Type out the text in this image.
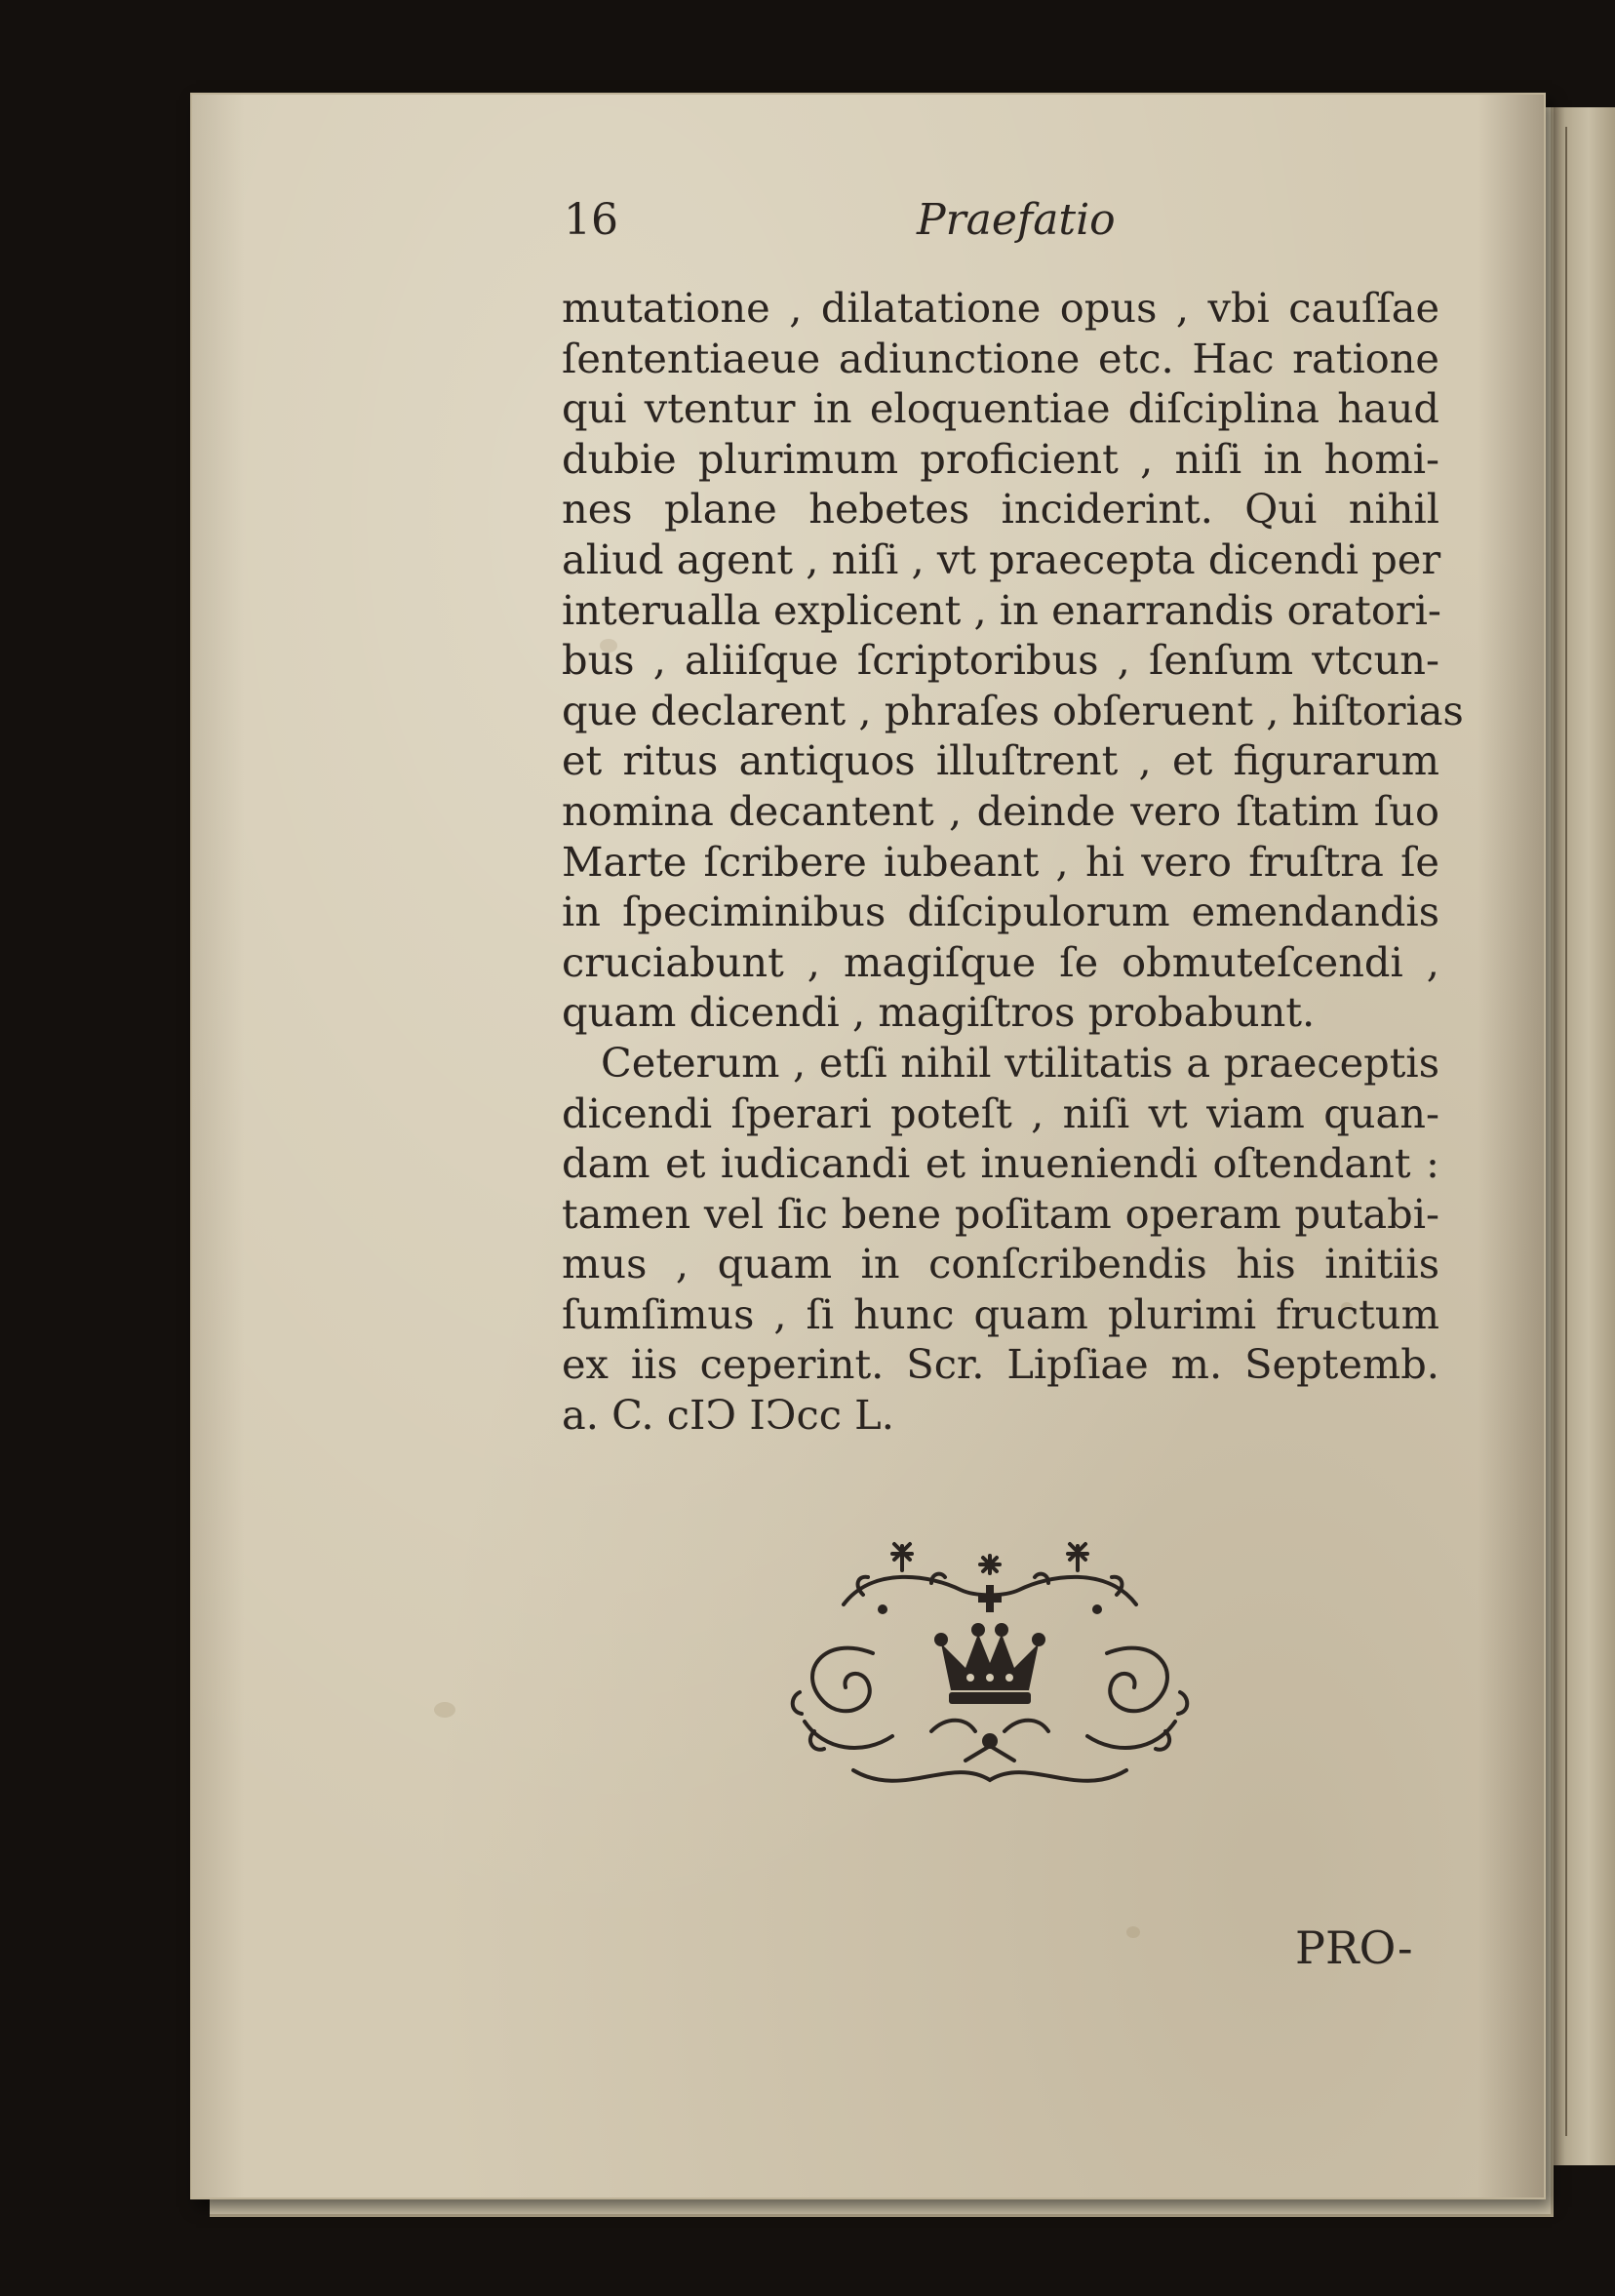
16	Praefatio
mutatione , dilatatione opus , vbi cauſſae
ſententiaeue adiunctione etc. Hac ratione
qui vtentur in eloquentiae diſciplina haud
dubie plurimum proficient , niſi in homi-
nes plane hebetes inciderint. Qui nihil
aliud agent , niſi , vt praecepta dicendi per
interualla explicent , in enarrandis oratori-
bus , aliiſque ſcriptoribus , ſenſum vtcun-
que declarent , phraſes obſeruent , hiſtorias
et ritus antiquos illuſtrent , et figurarum
nomina decantent , deinde vero ſtatim ſuo
Marte ſcribere iubeant , hi vero fruſtra ſe
in ſpeciminibus diſcipulorum emendandis
cruciabunt , magiſque ſe obmuteſcendi ,
quam dicendi , magiſtros probabunt.
Ceterum , etſi nihil vtilitatis a praeceptis
dicendi ſperari poteſt , niſi vt viam quan-
dam et iudicandi et inueniendi oſtendant :
tamen vel ſic bene poſitam operam putabi-
mus , quam in conſcribendis his initiis
ſumſimus , ſi hunc quam plurimi fructum
ex iis ceperint. Scr. Lipſiae m. Septemb.
a. C. cIↃ IↃcc L.
PRO-
